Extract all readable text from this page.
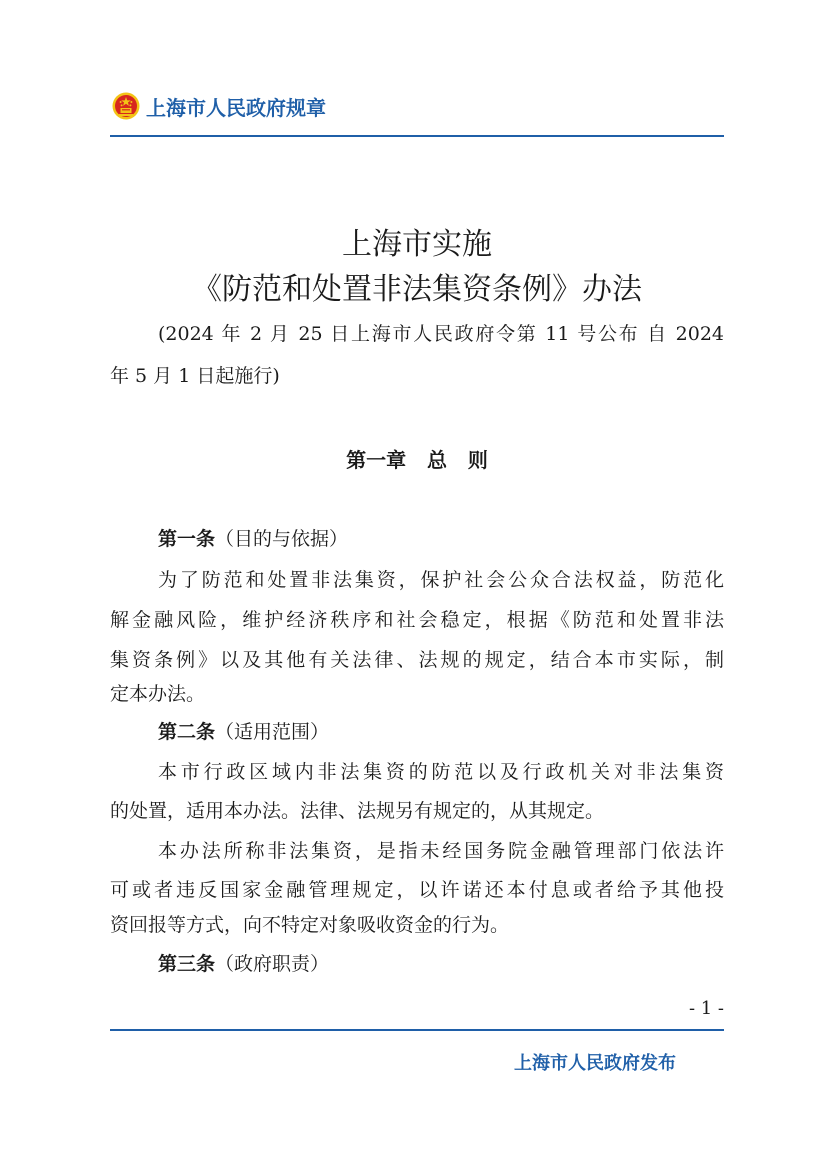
上海市人民政府规章
上海市实施
《防范和处置非法集资条例》办法
(2024 年 2 月 25 日上海市人民政府令第 11 号公布 自 2024
年 5 月 1 日起施行)
第一章   总   则
第一条（目的与依据）
为了防范和处置非法集资，保护社会公众合法权益，防范化
解金融风险，维护经济秩序和社会稳定，根据《防范和处置非法
集资条例》以及其他有关法律、法规的规定，结合本市实际，制
定本办法。
第二条（适用范围）
本市行政区域内非法集资的防范以及行政机关对非法集资
的处置，适用本办法。法律、法规另有规定的，从其规定。
本办法所称非法集资，是指未经国务院金融管理部门依法许
可或者违反国家金融管理规定，以许诺还本付息或者给予其他投
资回报等方式，向不特定对象吸收资金的行为。
第三条（政府职责）
- 1 -
上海市人民政府发布
